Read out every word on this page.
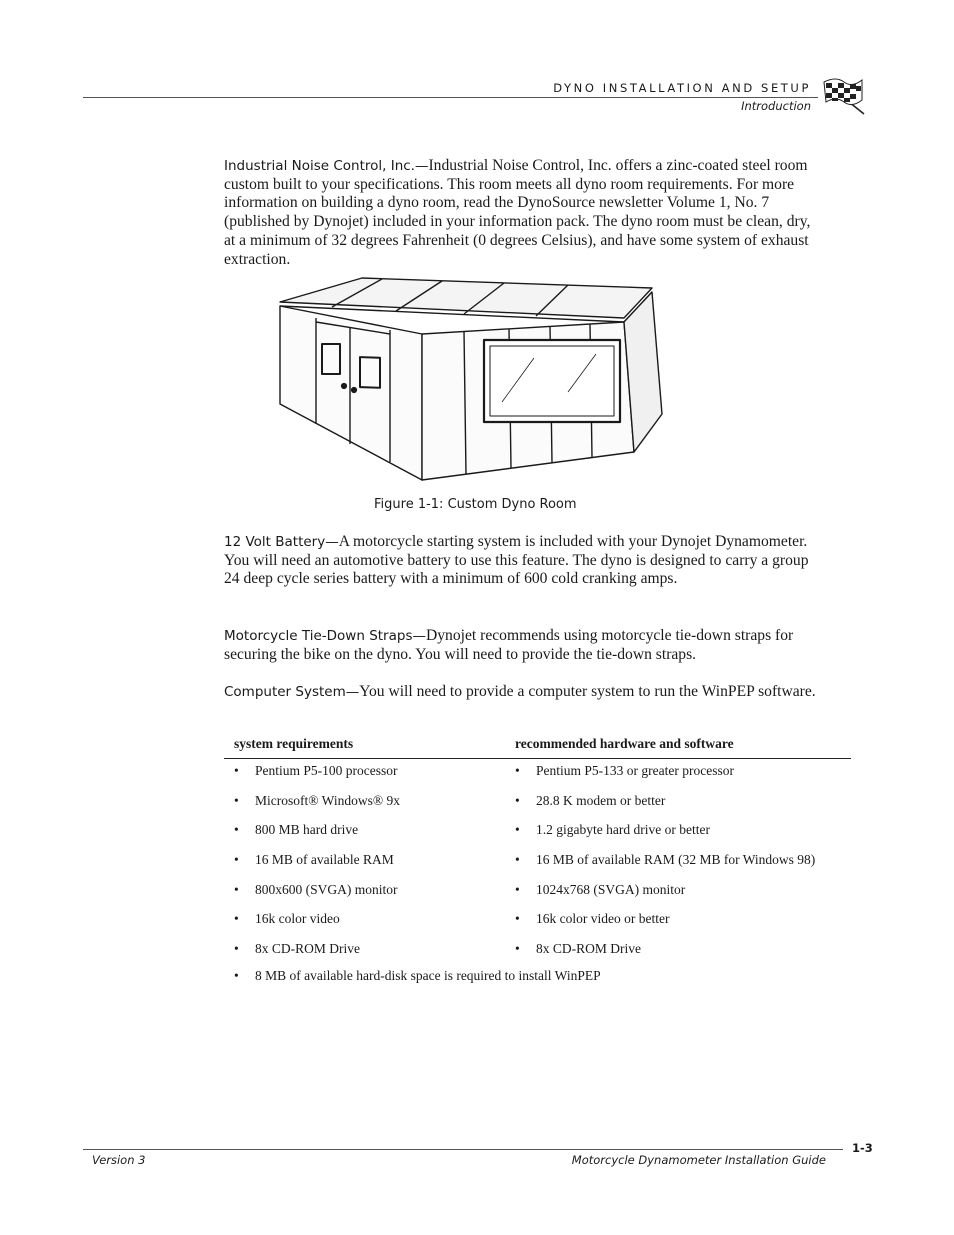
DYNO INSTALLATION AND SETUP
Introduction
Industrial Noise Control, Inc.—Industrial Noise Control, Inc. offers a zinc-coated steel room custom built to your specifications. This room meets all dyno room requirements. For more information on building a dyno room, read the DynoSource newsletter Volume 1, No. 7 (published by Dynojet) included in your information pack. The dyno room must be clean, dry, at a minimum of 32 degrees Fahrenheit (0 degrees Celsius), and have some system of exhaust extraction.
Figure 1-1: Custom Dyno Room
12 Volt Battery—A motorcycle starting system is included with your Dynojet Dynamometer. You will need an automotive battery to use this feature. The dyno is designed to carry a group 24 deep cycle series battery with a minimum of 600 cold cranking amps.
Motorcycle Tie-Down Straps—Dynojet recommends using motorcycle tie-down straps for securing the bike on the dyno. You will need to provide the tie-down straps.
Computer System—You will need to provide a computer system to run the WinPEP software.
system requirements	recommended hardware and software
• Pentium P5-100 processor
• Microsoft® Windows® 9x
• 800 MB hard drive
• 16 MB of available RAM
• 800x600 (SVGA) monitor
• 16k color video
• 8x CD-ROM Drive
• Pentium P5-133 or greater processor
• 28.8 K modem or better
• 1.2 gigabyte hard drive or better
• 16 MB of available RAM (32 MB for Windows 98)
• 1024x768 (SVGA) monitor
• 16k color video or better
• 8x CD-ROM Drive
• 8 MB of available hard-disk space is required to install WinPEP
1-3
Version 3	Motorcycle Dynamometer Installation Guide
